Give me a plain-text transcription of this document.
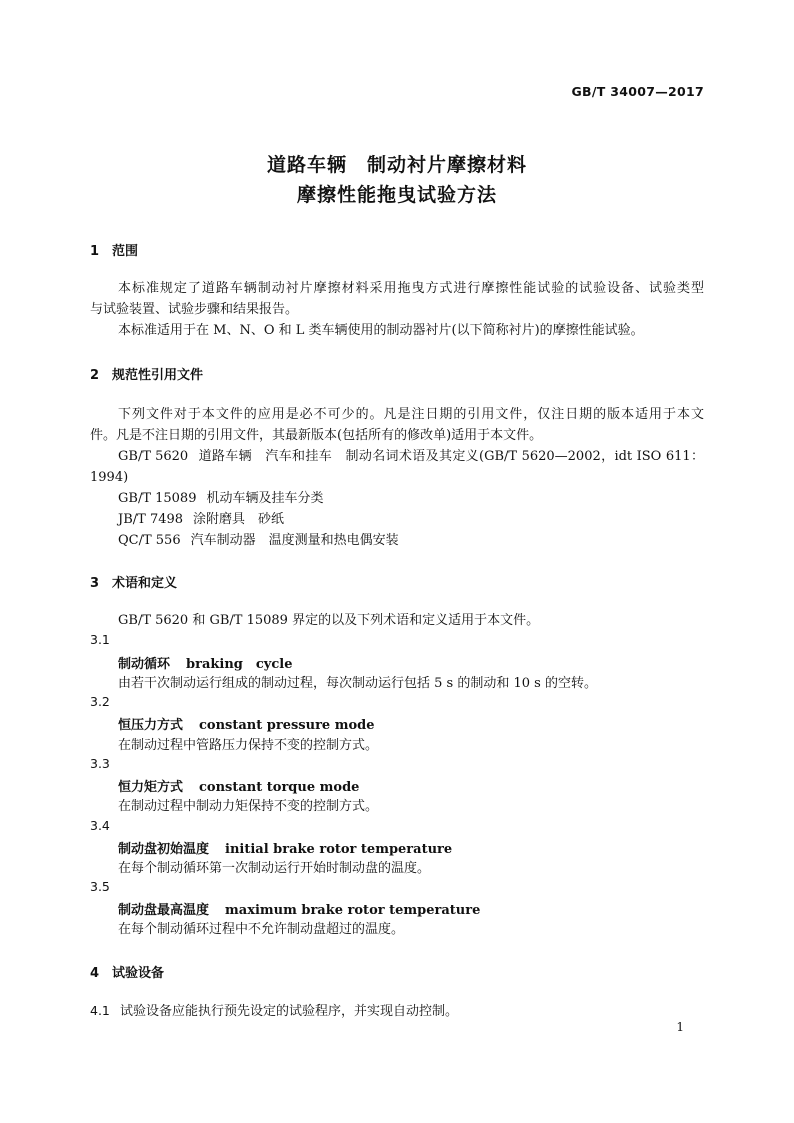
GB/T 34007—2017
道路车辆　制动衬片摩擦材料
摩擦性能拖曳试验方法
1 范围
本标准规定了道路车辆制动衬片摩擦材料采用拖曳方式进行摩擦性能试验的试验设备、试验类型
与试验装置、试验步骤和结果报告。
本标准适用于在 M、N、O 和 L 类车辆使用的制动器衬片(以下简称衬片)的摩擦性能试验。
2 规范性引用文件
下列文件对于本文件的应用是必不可少的。凡是注日期的引用文件，仅注日期的版本适用于本文
件。凡是不注日期的引用文件，其最新版本(包括所有的修改单)适用于本文件。
GB/T 5620 道路车辆　汽车和挂车　制动名词术语及其定义(GB/T 5620—2002，idt ISO 611：
1994)
GB/T 15089 机动车辆及挂车分类
JB/T 7498 涂附磨具　砂纸
QC/T 556 汽车制动器　温度测量和热电偶安装
3 术语和定义
GB/T 5620 和 GB/T 15089 界定的以及下列术语和定义适用于本文件。
3.1
制动循环 braking　cycle
由若干次制动运行组成的制动过程，每次制动运行包括 5 s 的制动和 10 s 的空转。
3.2
恒压力方式 constant pressure mode
在制动过程中管路压力保持不变的控制方式。
3.3
恒力矩方式 constant torque mode
在制动过程中制动力矩保持不变的控制方式。
3.4
制动盘初始温度 initial brake rotor temperature
在每个制动循环第一次制动运行开始时制动盘的温度。
3.5
制动盘最高温度 maximum brake rotor temperature
在每个制动循环过程中不允许制动盘超过的温度。
4 试验设备
4.1 试验设备应能执行预先设定的试验程序，并实现自动控制。
1
